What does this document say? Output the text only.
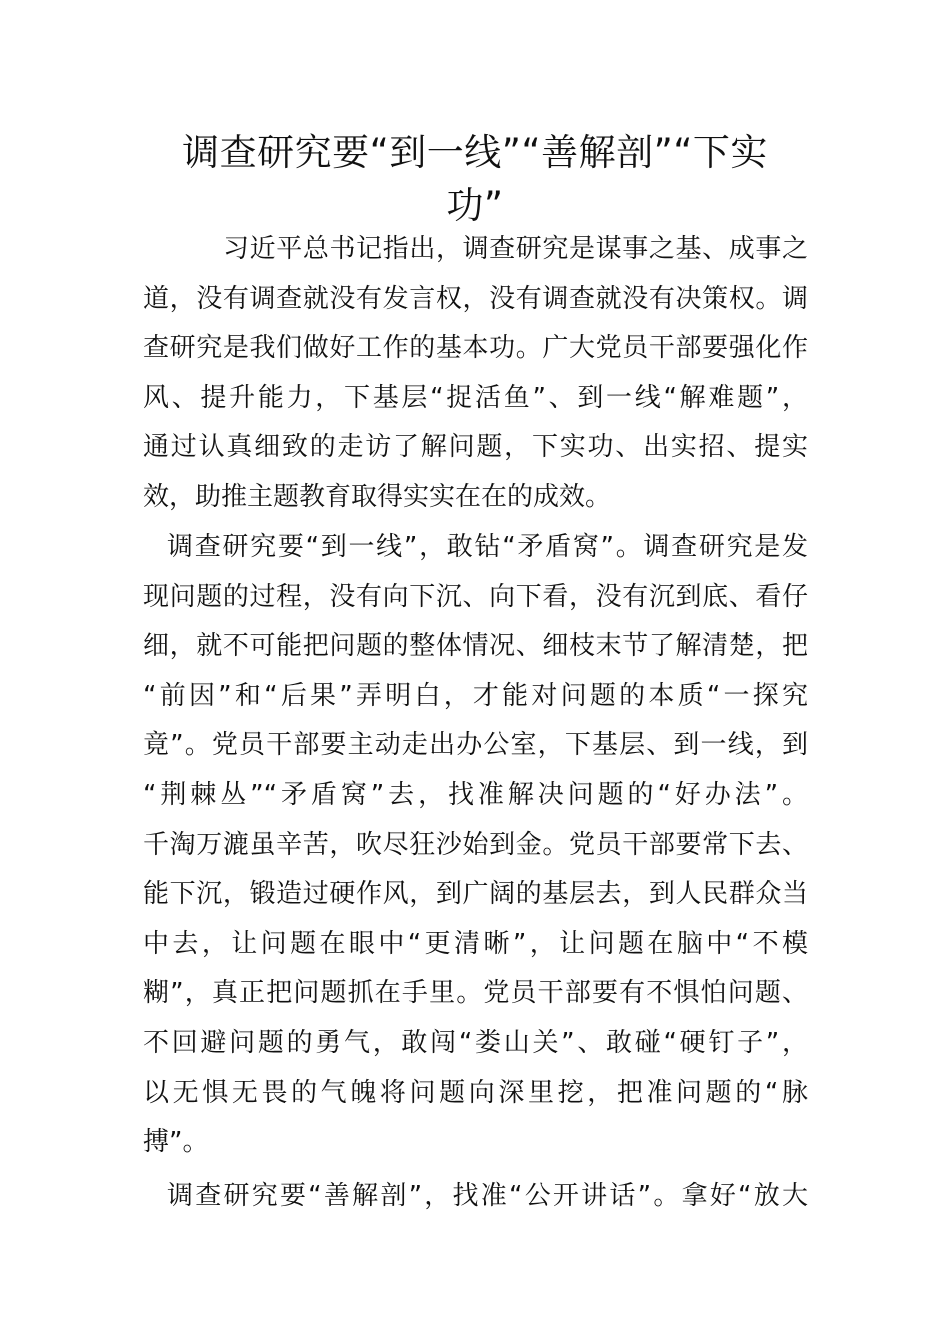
调查研究要“到一线”“善解剖”“下实
功”
习近平总书记指出，调查研究是谋事之基、成事之
道，没有调查就没有发言权，没有调查就没有决策权。调
查研究是我们做好工作的基本功。广大党员干部要强化作
风、提升能力，下基层“捉活鱼”、到一线“解难题”，
通过认真细致的走访了解问题，下实功、出实招、提实
效，助推主题教育取得实实在在的成效。
调查研究要“到一线”，敢钻“矛盾窝”。调查研究是发
现问题的过程，没有向下沉、向下看，没有沉到底、看仔
细，就不可能把问题的整体情况、细枝末节了解清楚，把
“前因”和“后果”弄明白，才能对问题的本质“一探究
竟”。党员干部要主动走出办公室，下基层、到一线，到
“荆棘丛”“矛盾窝”去，找准解决问题的“好办法”。
千淘万漉虽辛苦，吹尽狂沙始到金。党员干部要常下去、
能下沉，锻造过硬作风，到广阔的基层去，到人民群众当
中去，让问题在眼中“更清晰”，让问题在脑中“不模
糊”，真正把问题抓在手里。党员干部要有不惧怕问题、
不回避问题的勇气，敢闯“娄山关”、敢碰“硬钉子”，
以无惧无畏的气魄将问题向深里挖，把准问题的“脉
搏”。
调查研究要“善解剖”，找准“公开讲话”。拿好“放大
